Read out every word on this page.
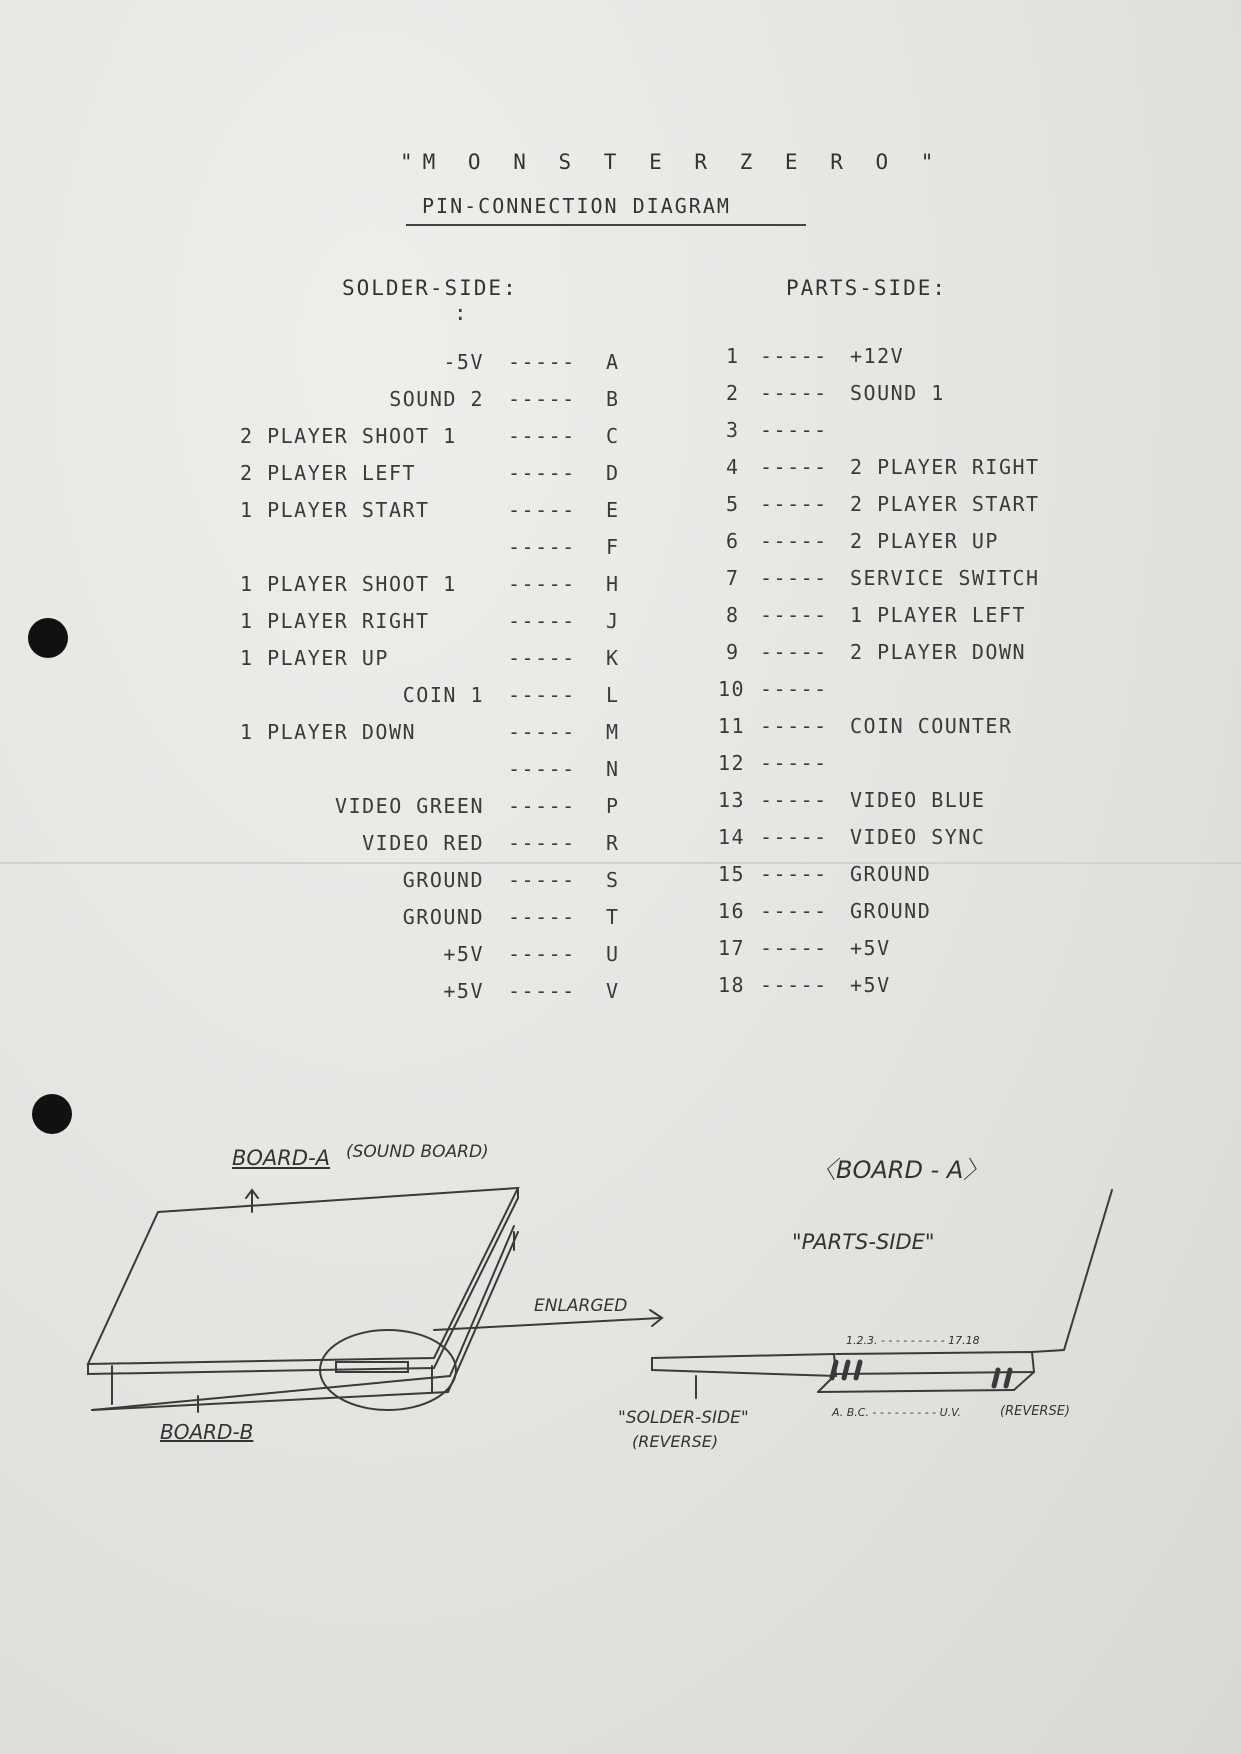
"M O N S T E R Z E R O "
PIN-CONNECTION DIAGRAM
SOLDER-SIDE:
:
PARTS-SIDE:
-5V ----- A
SOUND 2 ----- B
2 PLAYER SHOOT 1	----- C
2 PLAYER LEFT	----- D
1 PLAYER START	----- E
----- F
1 PLAYER SHOOT 1	----- H
1 PLAYER RIGHT	----- J
1 PLAYER UP	----- K
COIN 1 ----- L
1 PLAYER DOWN	----- M
----- N
VIDEO GREEN ----- P
VIDEO RED ----- R
GROUND ----- S
GROUND ----- T
+5V ----- U
+5V ----- V
1 ----- +12V
2 ----- SOUND 1
3 -----
4 ----- 2 PLAYER RIGHT
5 ----- 2 PLAYER START
6 ----- 2 PLAYER UP
7 ----- SERVICE SWITCH
8 ----- 1 PLAYER LEFT
9 ----- 2 PLAYER DOWN
10 -----
11 ----- COIN COUNTER
12 -----
13 ----- VIDEO BLUE
14 ----- VIDEO SYNC
15 ----- GROUND
16 ----- GROUND
17 ----- +5V
18 ----- +5V
BOARD-A (SOUND BOARD)
BOARD-B
ENLARGED
〈BOARD - A〉
"PARTS-SIDE"
"SOLDER-SIDE"
(REVERSE)
1.2.3. - - - - - - - - - 17.18
A. B.C. - - - - - - - - - U.V.	(REVERSE)
